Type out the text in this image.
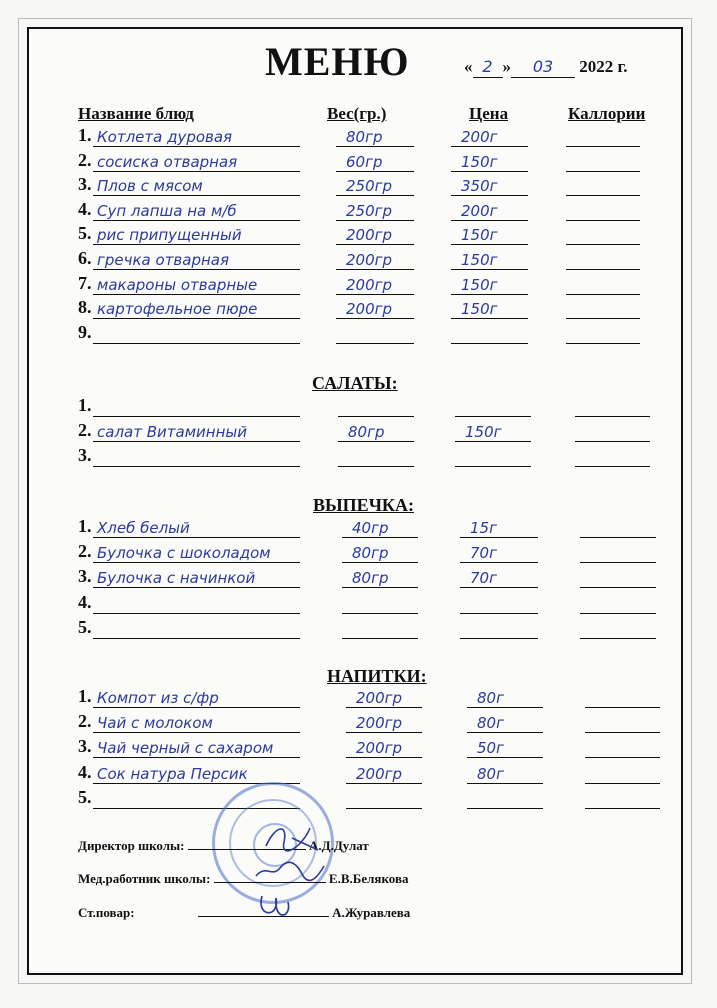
МЕНЮ	« 2 » 03 2022 г.
Название блюд	Вес(гр.)	Цена	Каллории
1. Котлета дуровая	80гр	200г
2. сосиска отварная	60гр	150г
3. Плов с мясом	250гр	350г
4. Суп лапша на м/б	250гр	200г
5. рис припущенный	200гр	150г
6. гречка отварная	200гр	150г
7. макароны отварные	200гр	150г
8. картофельное пюре	200гр	150г
9.
САЛАТЫ:
1.
2. салат Витаминный	80гр	150г
3.
ВЫПЕЧКА:
1. Хлеб белый	40гр	15г
2. Булочка с шоколадом	80гр	70г
3. Булочка с начинкой	80гр	70г
4.
5.
НАПИТКИ:
1. Компот из с/фр	200гр	80г
2. Чай с молоком	200гр	80г
3. Чай черный с сахаром	200гр	50г
4. Сок натура Персик	200гр	80г
5.
Директор школы:	А.Д.Дулат
Мед.работник школы:	Е.В.Белякова
Ст.повар:	А.Журавлева
